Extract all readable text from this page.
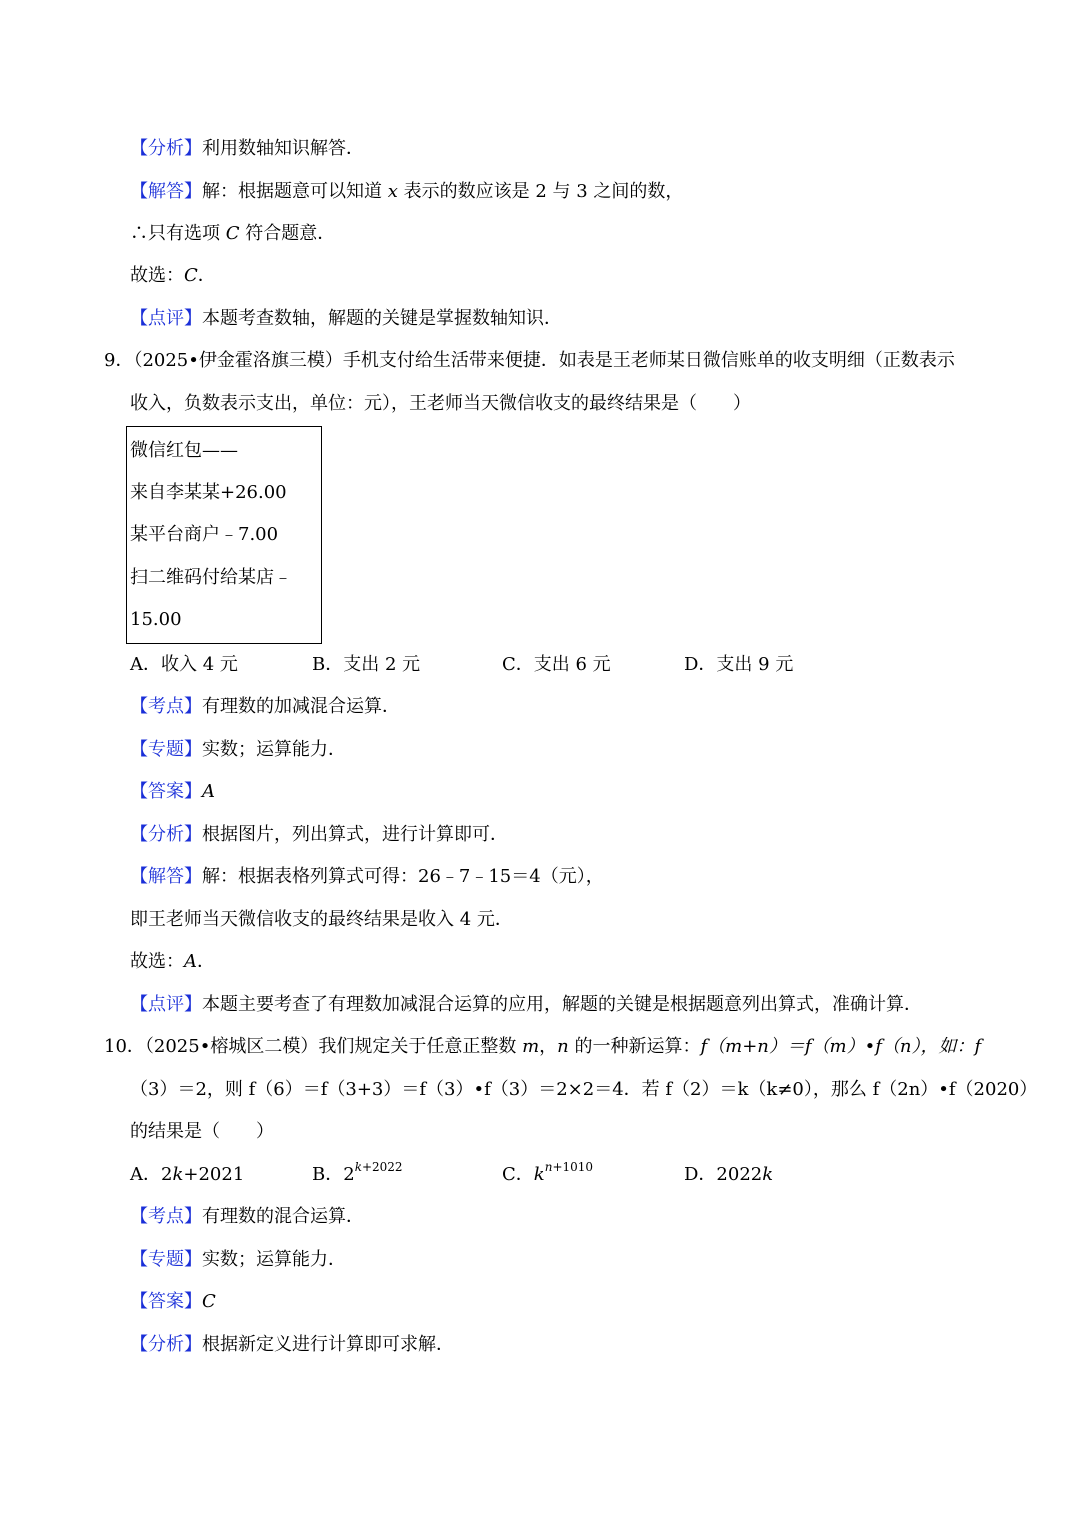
【分析】利用数轴知识解答．
【解答】解：根据题意可以知道 x 表示的数应该是 2 与 3 之间的数，
∴只有选项 C 符合题意．
故选：C．
【点评】本题考查数轴，解题的关键是掌握数轴知识．
9．（2025•伊金霍洛旗三模）手机支付给生活带来便捷．如表是王老师某日微信账单的收支明细（正数表示
收入，负数表示支出，单位：元），王老师当天微信收支的最终结果是（　　）
微信红包——
来自李某某+26.00
某平台商户﹣7.00
扫二维码付给某店﹣
15.00
A．收入 4 元	B．支出 2 元	C．支出 6 元	D．支出 9 元
【考点】有理数的加减混合运算．
【专题】实数；运算能力．
【答案】A
【分析】根据图片，列出算式，进行计算即可．
【解答】解：根据表格列算式可得：26﹣7﹣15＝4（元），
即王老师当天微信收支的最终结果是收入 4 元．
故选：A．
【点评】本题主要考查了有理数加减混合运算的应用，解题的关键是根据题意列出算式，准确计算．
10．（2025•榕城区二模）我们规定关于任意正整数 m，n 的一种新运算：f（m+n）＝f（m）•f（n），如：f
（3）＝2，则 f（6）＝f（3+3）＝f（3）•f（3）＝2×2＝4．若 f（2）＝k（k≠0），那么 f（2n）•f（2020）
的结果是（　　）
A．2k+2021	B．$2^{k+2022}$	C．$k^{n+1010}$	D．2022k
【考点】有理数的混合运算．
【专题】实数；运算能力．
【答案】C
【分析】根据新定义进行计算即可求解．
